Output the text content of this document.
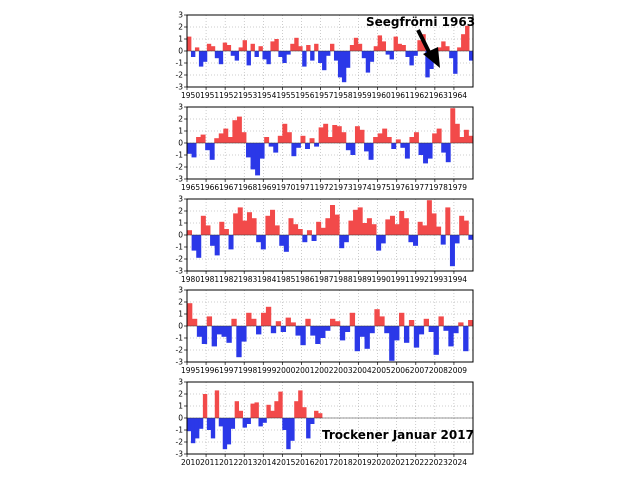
3
2
1
0
-1
-2
-3
1950 1951 1952 1953 1954 1955 1956 1957 1958 1959 1960 1961 1962 1963 1964
Seegfrörni 1963
3
2
1
0
-1
-2
-3
1965 1966 1967 1968 1969 1970 1971 1972 1973 1974 1975 1976 1977 1978 1979
3
2
1
0
-1
-2
-3
1980 1981 1982 1983 1984 1985 1986 1987 1988 1989 1990 1991 1992 1993 1994
3
2
1
0
-1
-2
-3
1995 1996 1997 1998 1999 2000 2001 2002 2003 2004 2005 2006 2007 2008 2009
3
2
1
0
-1
-2
-3
2010 2011 2012 2013 2014 2015 2016 2017 2018 2019 2020 2021 2022 2023 2024
Trockener Januar 2017
